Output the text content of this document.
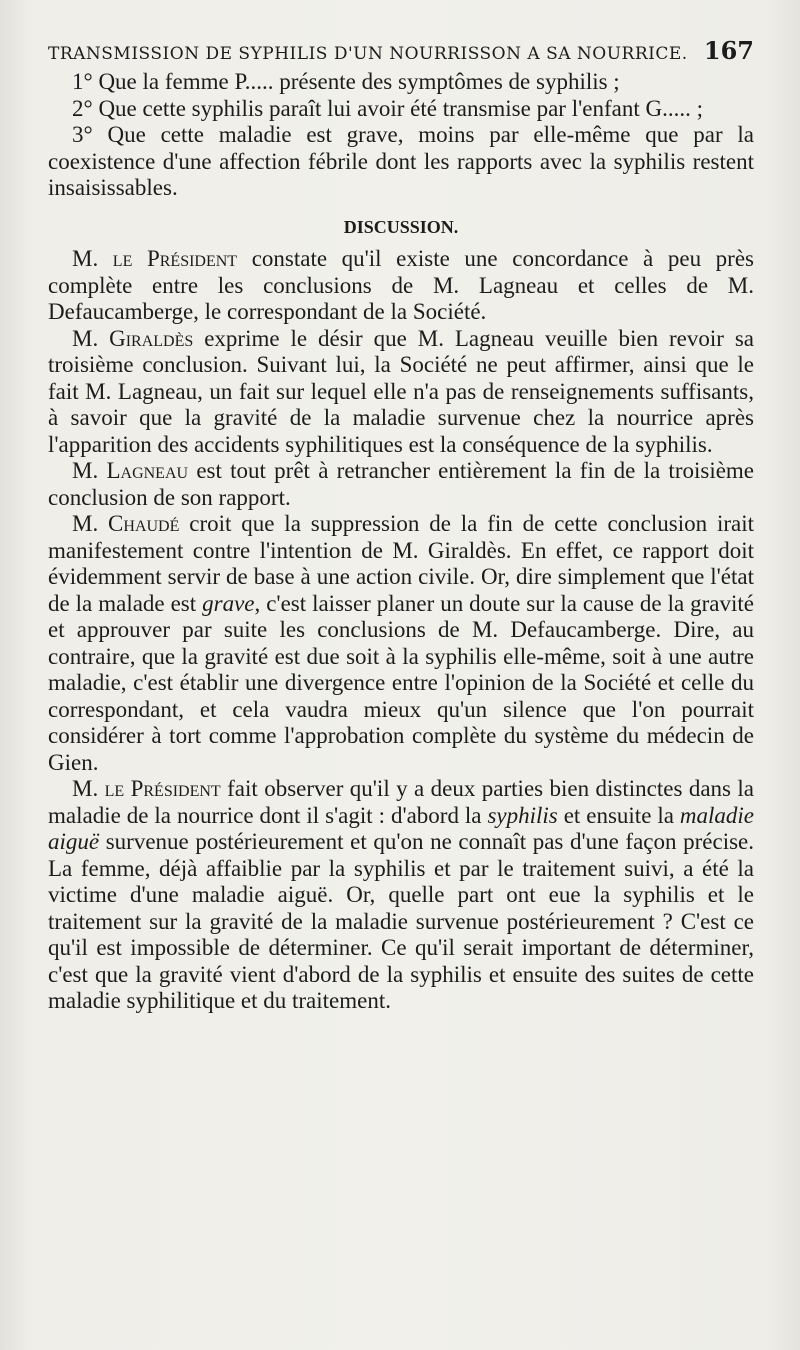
TRANSMISSION DE SYPHILIS D'UN NOURRISSON A SA NOURRICE. 167

1° Que la femme P..... présente des symptômes de syphilis ;

2° Que cette syphilis paraît lui avoir été transmise par l'enfant G..... ;

3° Que cette maladie est grave, moins par elle-même que par la coexistence d'une affection fébrile dont les rapports avec la syphilis restent insaisissables.

DISCUSSION.

M. le Président constate qu'il existe une concordance à peu près complète entre les conclusions de M. Lagneau et celles de M. Defaucamberge, le correspondant de la Société.

M. Giraldès exprime le désir que M. Lagneau veuille bien revoir sa troisième conclusion. Suivant lui, la Société ne peut affirmer, ainsi que le fait M. Lagneau, un fait sur lequel elle n'a pas de renseignements suffisants, à savoir que la gravité de la maladie survenue chez la nourrice après l'apparition des accidents syphilitiques est la conséquence de la syphilis.

M. Lagneau est tout prêt à retrancher entièrement la fin de la troisième conclusion de son rapport.

M. Chaudé croit que la suppression de la fin de cette conclusion irait manifestement contre l'intention de M. Giraldès. En effet, ce rapport doit évidemment servir de base à une action civile. Or, dire simplement que l'état de la malade est grave, c'est laisser planer un doute sur la cause de la gravité et approuver par suite les conclusions de M. Defaucamberge. Dire, au contraire, que la gravité est due soit à la syphilis elle-même, soit à une autre maladie, c'est établir une divergence entre l'opinion de la Société et celle du correspondant, et cela vaudra mieux qu'un silence que l'on pourrait considérer à tort comme l'approbation complète du système du médecin de Gien.

M. le Président fait observer qu'il y a deux parties bien distinctes dans la maladie de la nourrice dont il s'agit : d'abord la syphilis et ensuite la maladie aiguë survenue postérieurement et qu'on ne connaît pas d'une façon précise. La femme, déjà affaiblie par la syphilis et par le traitement suivi, a été la victime d'une maladie aiguë. Or, quelle part ont eue la syphilis et le traitement sur la gravité de la maladie survenue postérieurement ? C'est ce qu'il est impossible de déterminer. Ce qu'il serait important de déterminer, c'est que la gravité vient d'abord de la syphilis et ensuite des suites de cette maladie syphilitique et du traitement.
